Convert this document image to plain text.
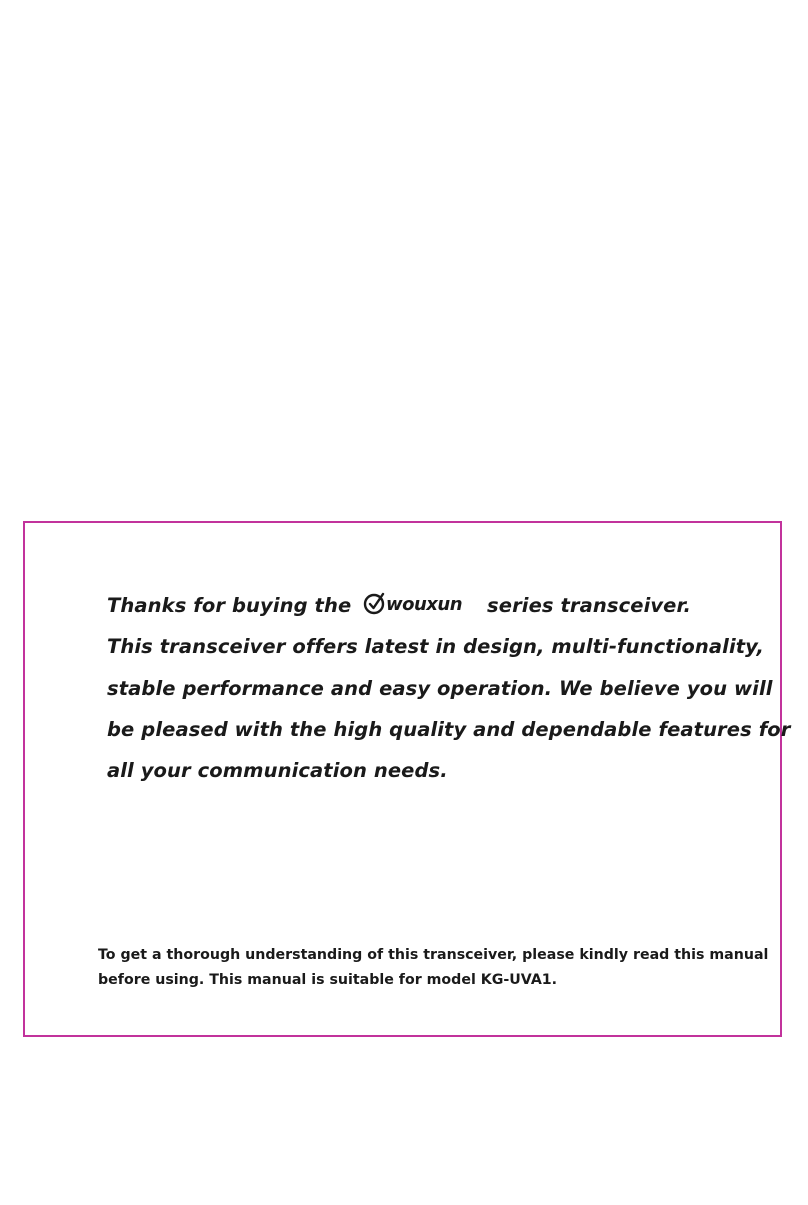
Thanks for buying the wouxun series transceiver.
This transceiver offers latest in design, multi-functionality,
stable performance and easy operation. We believe you will
be pleased with the high quality and dependable features for
all your communication needs.
To get a thorough understanding of this transceiver, please kindly read this manual
before using. This manual is suitable for model KG-UVA1.
